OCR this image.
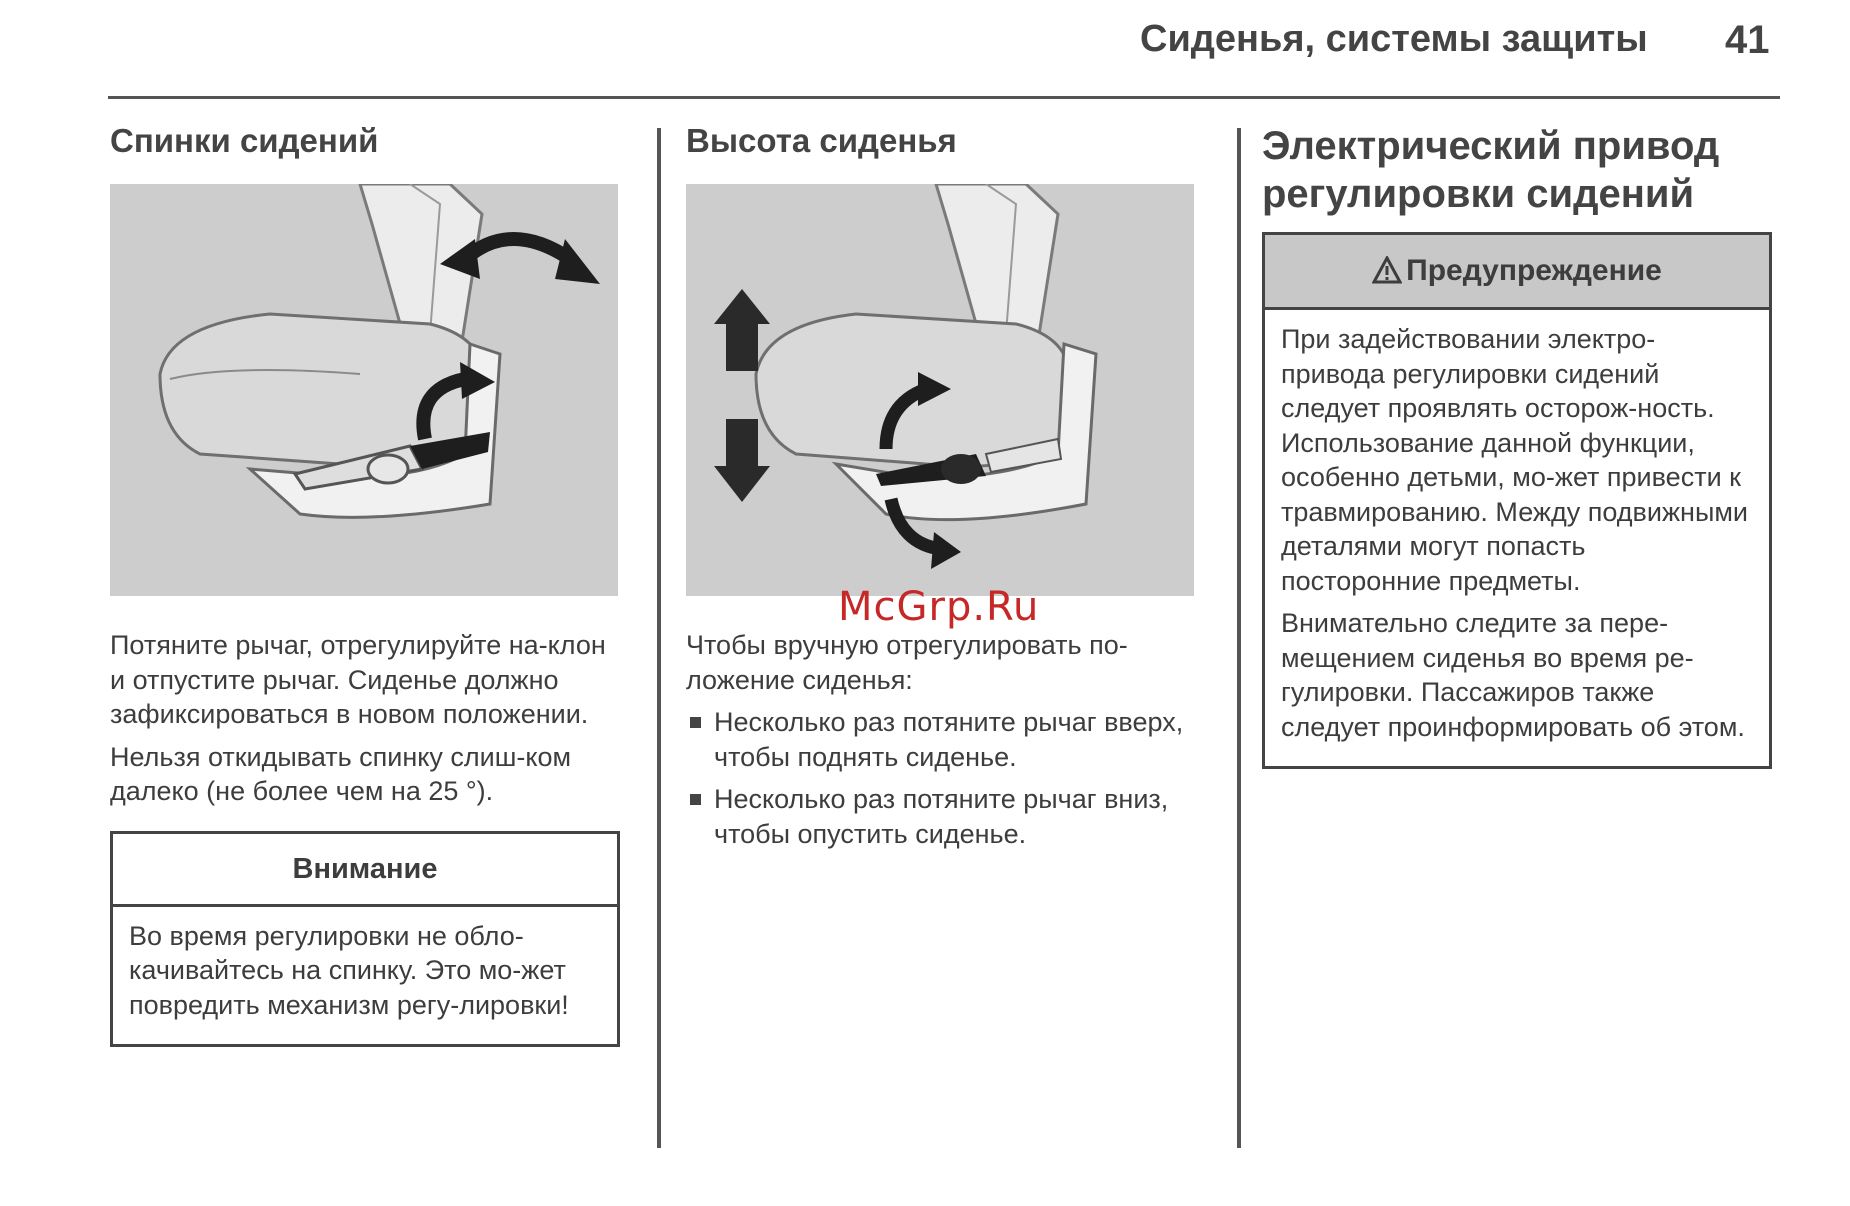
Сиденья, системы защиты 41
Спинки сидений

Потяните рычаг, отрегулируйте на-клон и отпустите рычаг. Сиденье должно зафиксироваться в новом положении.

Нельзя откидывать спинку слиш-ком далеко (не более чем на 25 °).

Внимание

Во время регулировки не обло-качивайтесь на спинку. Это мо-жет повредить механизм регу-лировки!

Высота сиденья

Чтобы вручную отрегулировать по-ложение сиденья:

Несколько раз потяните рычаг вверх, чтобы поднять сиденье.
Несколько раз потяните рычаг вниз, чтобы опустить сиденье.
Электрический привод регулировки сидений
Предупреждение

При задействовании электро-привода регулировки сидений следует проявлять осторож-ность. Использование данной функции, особенно детьми, мо-жет привести к травмированию. Между подвижными деталями могут попасть посторонние предметы.

Внимательно следите за пере-мещением сиденья во время ре-гулировки. Пассажиров также следует проинформировать об этом.

McGrp.Ru
